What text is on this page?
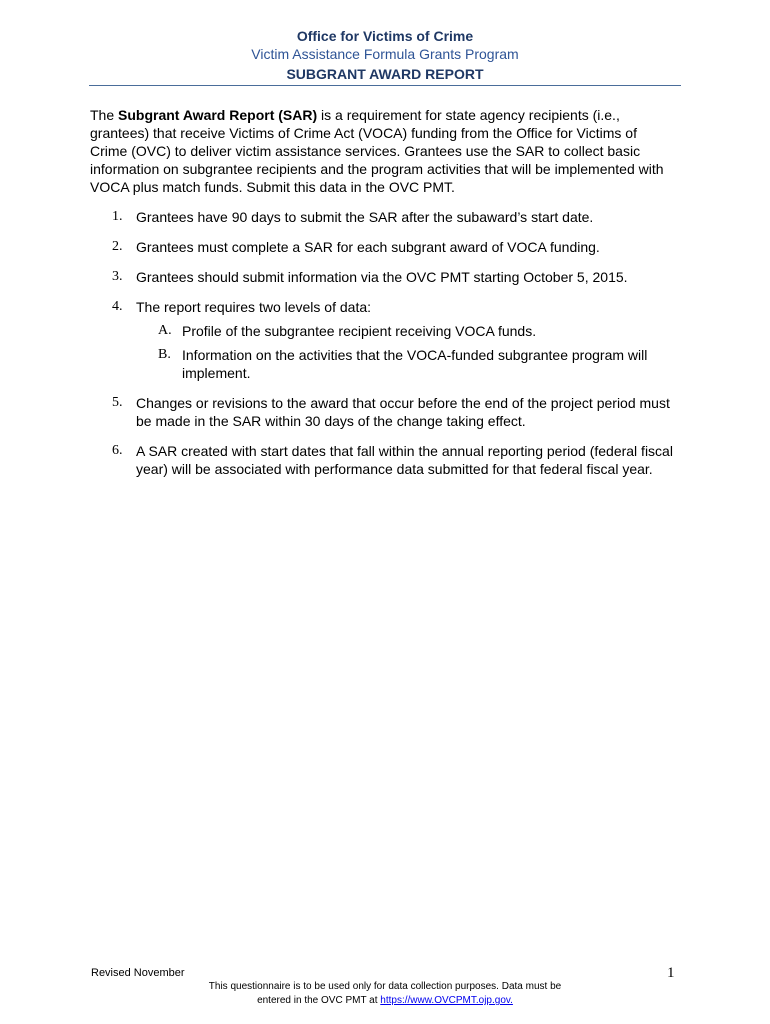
Office for Victims of Crime
Victim Assistance Formula Grants Program
SUBGRANT AWARD REPORT
The Subgrant Award Report (SAR) is a requirement for state agency recipients (i.e., grantees) that receive Victims of Crime Act (VOCA) funding from the Office for Victims of Crime (OVC) to deliver victim assistance services. Grantees use the SAR to collect basic information on subgrantee recipients and the program activities that will be implemented with VOCA plus match funds. Submit this data in the OVC PMT.
1. Grantees have 90 days to submit the SAR after the subaward’s start date.
2. Grantees must complete a SAR for each subgrant award of VOCA funding.
3. Grantees should submit information via the OVC PMT starting October 5, 2015.
4. The report requires two levels of data:
A. Profile of the subgrantee recipient receiving VOCA funds.
B. Information on the activities that the VOCA-funded subgrantee program will implement.
5. Changes or revisions to the award that occur before the end of the project period must be made in the SAR within 30 days of the change taking effect.
6. A SAR created with start dates that fall within the annual reporting period (federal fiscal year) will be associated with performance data submitted for that federal fiscal year.
Revised November	1
This questionnaire is to be used only for data collection purposes. Data must be entered in the OVC PMT at https://www.OVCPMT.ojp.gov.
